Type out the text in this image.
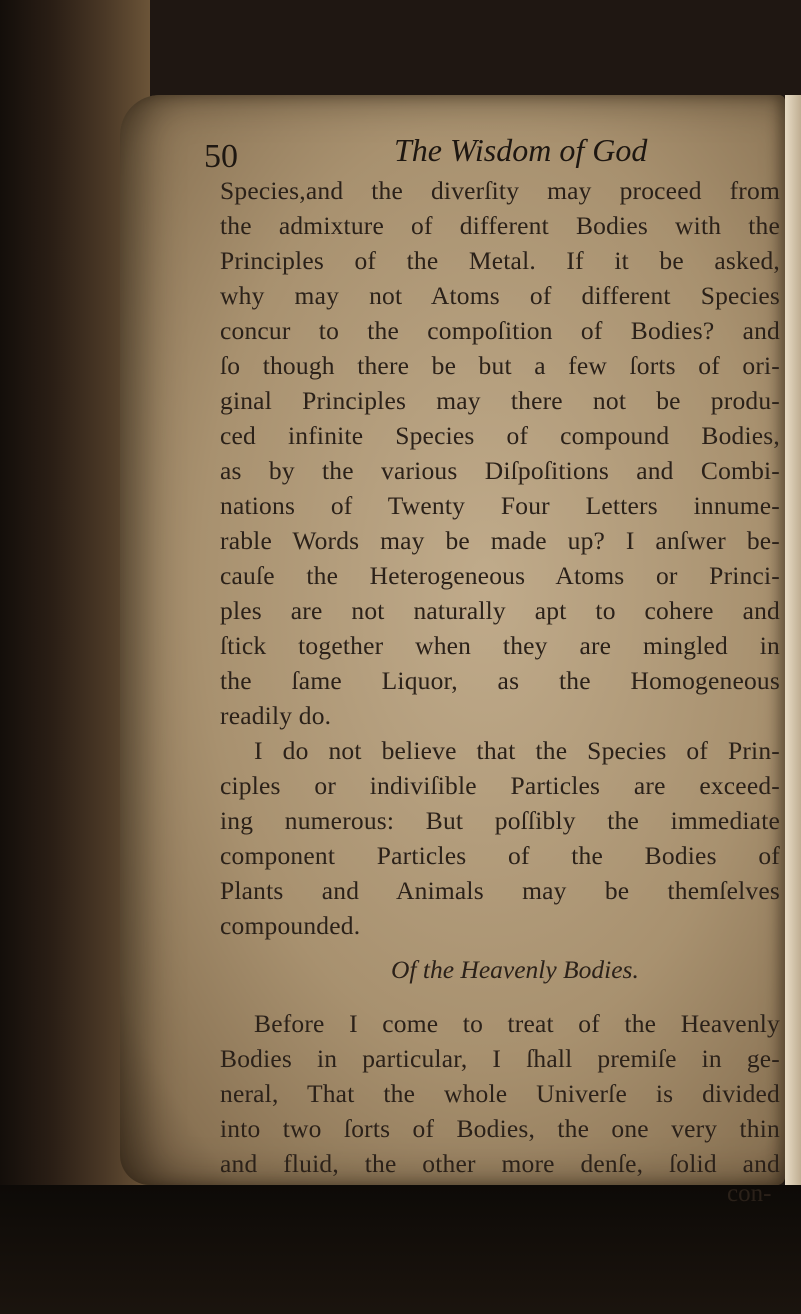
50	The Wisdom of God
Species,and the diverſity may proceed from
the admixture of different Bodies with the
Principles of the Metal. If it be asked,
why may not Atoms of different Species
concur to the compoſition of Bodies? and
ſo though there be but a few ſorts of ori-
ginal Principles may there not be produ-
ced infinite Species of compound Bodies,
as by the various Diſpoſitions and Combi-
nations of Twenty Four Letters innume-
rable Words may be made up? I anſwer be-
cauſe the Heterogeneous Atoms or Princi-
ples are not naturally apt to cohere and
ſtick together when they are mingled in
the ſame Liquor, as the Homogeneous
readily do.
I do not believe that the Species of Prin-
ciples or indiviſible Particles are exceed-
ing numerous: But poſſibly the immediate
component Particles of the Bodies of
Plants and Animals may be themſelves
compounded.
Before I come to treat of the Heavenly
Bodies in particular, I ſhall premiſe in ge-
neral, That the whole Univerſe is divided
into two ſorts of Bodies, the one very thin
and fluid, the other more denſe, ſolid and
Of the Heavenly Bodies.
con-
